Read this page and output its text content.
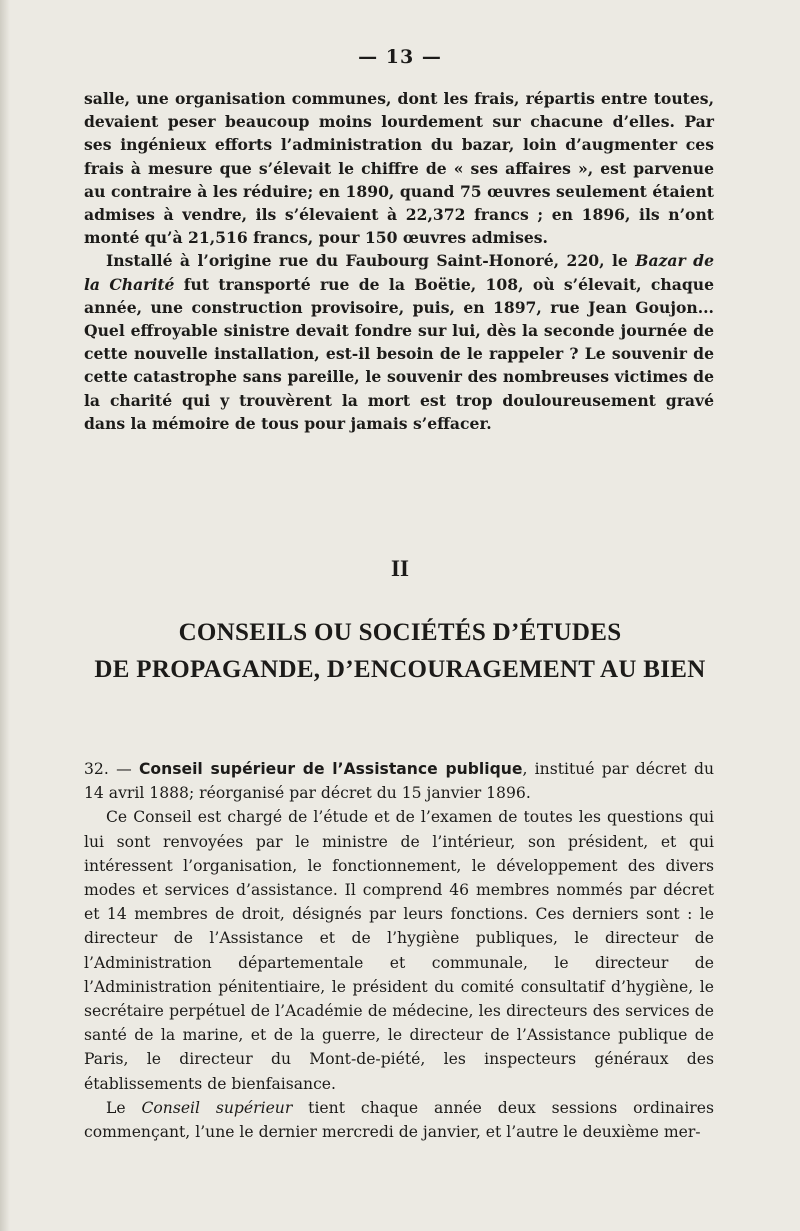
— 13 —

salle, une organisation communes, dont les frais, répartis entre toutes, devaient peser beaucoup moins lourdement sur chacune d’elles. Par ses ingénieux efforts l’administration du bazar, loin d’augmenter ces frais à mesure que s’élevait le chiffre de « ses affaires », est parvenue au contraire à les réduire; en 1890, quand 75 œuvres seulement étaient admises à vendre, ils s’élevaient à 22,372 francs ; en 1896, ils n’ont monté qu’à 21,516 francs, pour 150 œuvres admises.

Installé à l’origine rue du Faubourg Saint-Honoré, 220, le Bazar de la Charité fut transporté rue de la Boëtie, 108, où s’élevait, chaque année, une construction provisoire, puis, en 1897, rue Jean Goujon... Quel effroyable sinistre devait fondre sur lui, dès la seconde journée de cette nouvelle installation, est-il besoin de le rappeler ? Le souvenir de cette catastrophe sans pareille, le souvenir des nombreuses victimes de la charité qui y trouvèrent la mort est trop douloureusement gravé dans la mémoire de tous pour jamais s’effacer.

II
CONSEILS OU SOCIÉTÉS D’ÉTUDES
DE PROPAGANDE, D’ENCOURAGEMENT AU BIEN

32. — Conseil supérieur de l’Assistance publique, institué par décret du 14 avril 1888; réorganisé par décret du 15 janvier 1896.

Ce Conseil est chargé de l’étude et de l’examen de toutes les questions qui lui sont renvoyées par le ministre de l’intérieur, son président, et qui intéressent l’organisation, le fonctionnement, le développement des divers modes et services d’assistance. Il comprend 46 membres nommés par décret et 14 membres de droit, désignés par leurs fonctions. Ces derniers sont : le directeur de l’Assistance et de l’hygiène publiques, le directeur de l’Administration départementale et communale, le directeur de l’Administration pénitentiaire, le président du comité consultatif d’hygiène, le secrétaire perpétuel de l’Académie de médecine, les directeurs des services de santé de la marine, et de la guerre, le directeur de l’Assistance publique de Paris, le directeur du Mont-de-piété, les inspecteurs généraux des établissements de bienfaisance.

Le Conseil supérieur tient chaque année deux sessions ordinaires commençant, l’une le dernier mercredi de janvier, et l’autre le deuxième mer-
